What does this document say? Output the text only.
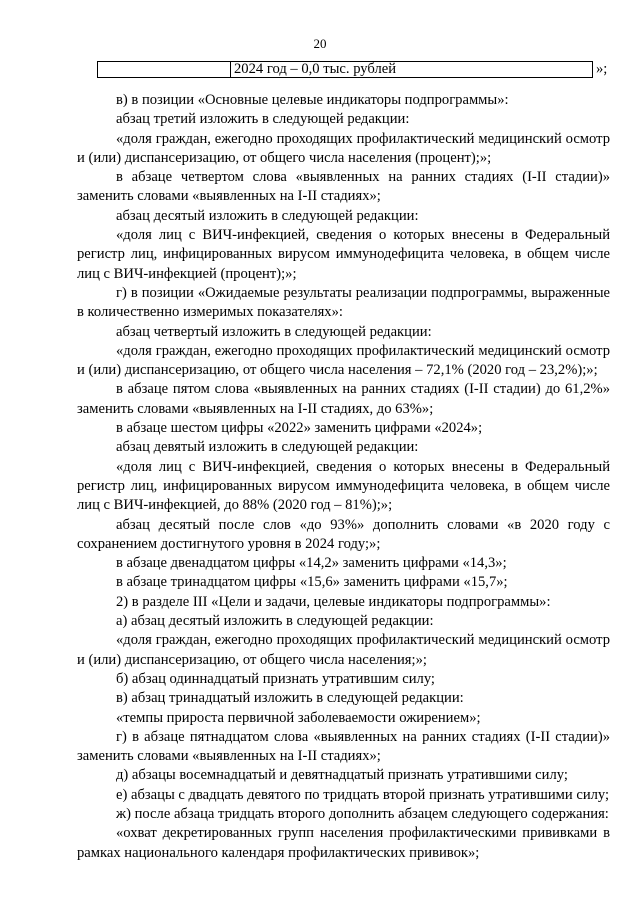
20
2024 год – 0,0 тыс. рублей	»;

в) в позиции «Основные целевые индикаторы подпрограммы»:

абзац третий изложить в следующей редакции:

«доля граждан, ежегодно проходящих профилактический медицинский осмотр и (или) диспансеризацию, от общего числа населения (процент);»;

в абзаце четвертом слова «выявленных на ранних стадиях (I-II стадии)» заменить словами «выявленных на I-II стадиях»;

абзац десятый изложить в следующей редакции:

«доля лиц с ВИЧ-инфекцией, сведения о которых внесены в Федеральный регистр лиц, инфицированных вирусом иммунодефицита человека, в общем числе лиц с ВИЧ-инфекцией (процент);»;

г) в позиции «Ожидаемые результаты реализации подпрограммы, выраженные в количественно измеримых показателях»:

абзац четвертый изложить в следующей редакции:

«доля граждан, ежегодно проходящих профилактический медицинский осмотр и (или) диспансеризацию, от общего числа населения – 72,1% (2020 год – 23,2%);»;

в абзаце пятом слова «выявленных на ранних стадиях (I-II стадии) до 61,2%» заменить словами «выявленных на I-II стадиях, до 63%»;

в абзаце шестом цифры «2022» заменить цифрами «2024»;

абзац девятый изложить в следующей редакции:

«доля лиц с ВИЧ-инфекцией, сведения о которых внесены в Федеральный регистр лиц, инфицированных вирусом иммунодефицита человека, в общем числе лиц с ВИЧ-инфекцией, до 88% (2020 год – 81%);»;

абзац десятый после слов «до 93%» дополнить словами «в 2020 году с сохранением достигнутого уровня в 2024 году;»;

в абзаце двенадцатом цифры «14,2» заменить цифрами «14,3»;

в абзаце тринадцатом цифры «15,6» заменить цифрами «15,7»;

2) в разделе III «Цели и задачи, целевые индикаторы подпрограммы»:

а) абзац десятый изложить в следующей редакции:

«доля граждан, ежегодно проходящих профилактический медицинский осмотр и (или) диспансеризацию, от общего числа населения;»;

б) абзац одиннадцатый признать утратившим силу;

в) абзац тринадцатый изложить в следующей редакции:

«темпы прироста первичной заболеваемости ожирением»;

г) в абзаце пятнадцатом слова «выявленных на ранних стадиях (I-II стадии)» заменить словами «выявленных на I-II стадиях»;

д) абзацы восемнадцатый и девятнадцатый признать утратившими силу;

е) абзацы с двадцать девятого по тридцать второй признать утратившими силу;

ж) после абзаца тридцать второго дополнить абзацем следующего содержания:

«охват декретированных групп населения профилактическими прививками в рамках национального календаря профилактических прививок»;
